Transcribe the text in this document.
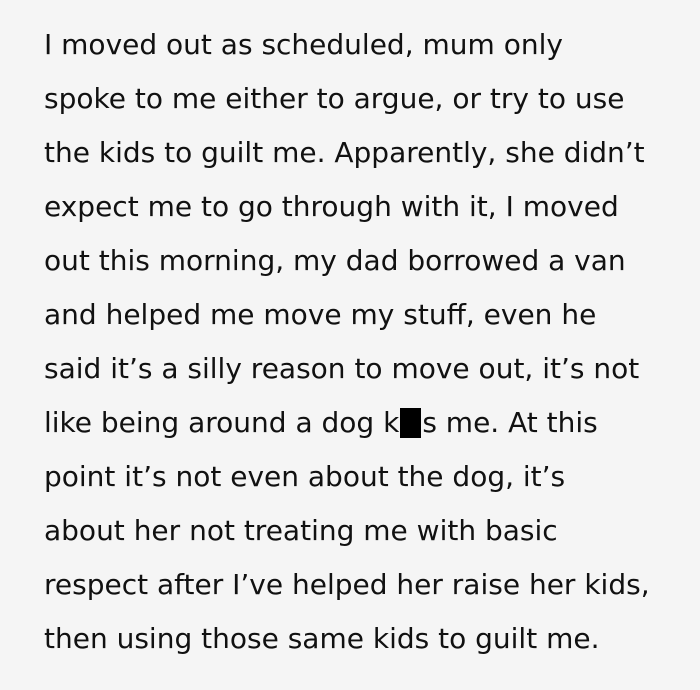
I moved out as scheduled, mum only
spoke to me either to argue, or try to use
the kids to guilt me. Apparently, she didn’t
expect me to go through with it, I moved
out this morning, my dad borrowed a van
and helped me move my stuff, even he
said it’s a silly reason to move out, it’s not
like being around a dog k s me. At this
point it’s not even about the dog, it’s
about her not treating me with basic
respect after I’ve helped her raise her kids,
then using those same kids to guilt me.
